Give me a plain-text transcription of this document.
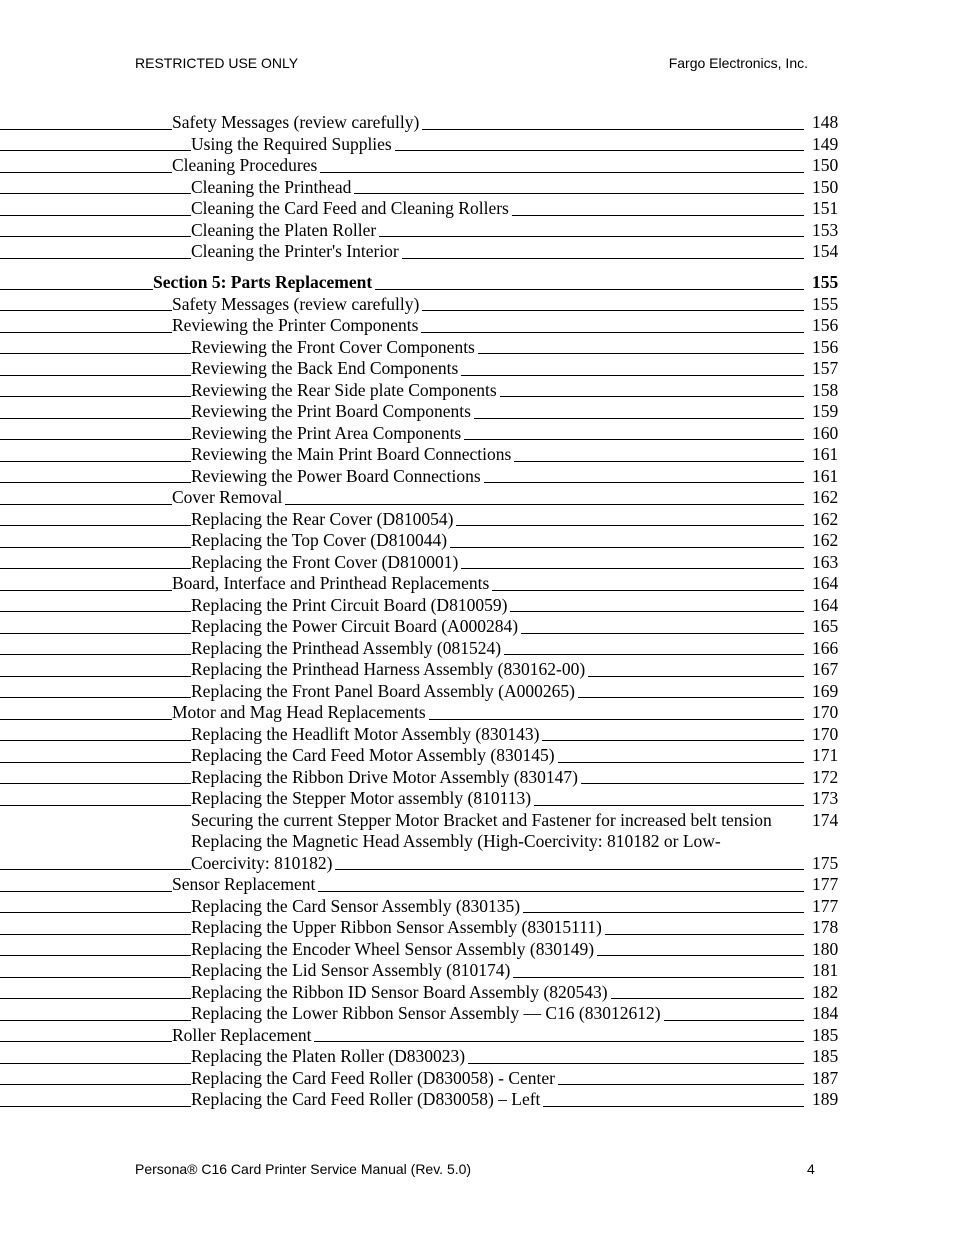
RESTRICTED USE ONLY	Fargo Electronics, Inc.
Safety Messages (review carefully)	148
Using the Required Supplies	149
Cleaning Procedures	150
Cleaning the Printhead	150
Cleaning the Card Feed and Cleaning Rollers	151
Cleaning the Platen Roller	153
Cleaning the Printer's Interior	154
Section 5: Parts Replacement	155
Safety Messages (review carefully)	155
Reviewing the Printer Components	156
Reviewing the Front Cover Components	156
Reviewing the Back End Components	157
Reviewing the Rear Side plate Components	158
Reviewing the Print Board Components	159
Reviewing the Print Area Components	160
Reviewing the Main Print Board Connections	161
Reviewing the Power Board Connections	161
Cover Removal	162
Replacing the Rear Cover (D810054)	162
Replacing the Top Cover (D810044)	162
Replacing the Front Cover (D810001)	163
Board, Interface and Printhead Replacements	164
Replacing the Print Circuit Board (D810059)	164
Replacing the Power Circuit Board (A000284)	165
Replacing the Printhead Assembly (081524)	166
Replacing the Printhead Harness Assembly (830162-00)	167
Replacing the Front Panel Board Assembly (A000265)	169
Motor and Mag Head Replacements	170
Replacing the Headlift Motor Assembly (830143)	170
Replacing the Card Feed Motor Assembly (830145)	171
Replacing the Ribbon Drive Motor Assembly (830147)	172
Replacing the Stepper Motor assembly (810113)	173
Securing the current Stepper Motor Bracket and Fastener for increased belt tension 174
Replacing the Magnetic Head Assembly (High-Coercivity: 810182 or Low-
Coercivity: 810182)	175
Sensor Replacement	177
Replacing the Card Sensor Assembly (830135)	177
Replacing the Upper Ribbon Sensor Assembly (83015111)	178
Replacing the Encoder Wheel Sensor Assembly (830149)	180
Replacing the Lid Sensor Assembly (810174)	181
Replacing the Ribbon ID Sensor Board Assembly (820543)	182
Replacing the Lower Ribbon Sensor Assembly — C16 (83012612)	184
Roller Replacement	185
Replacing the Platen Roller (D830023)	185
Replacing the Card Feed Roller (D830058) - Center	187
Replacing the Card Feed Roller (D830058) – Left	189
Persona® C16 Card Printer Service Manual (Rev. 5.0)	4
